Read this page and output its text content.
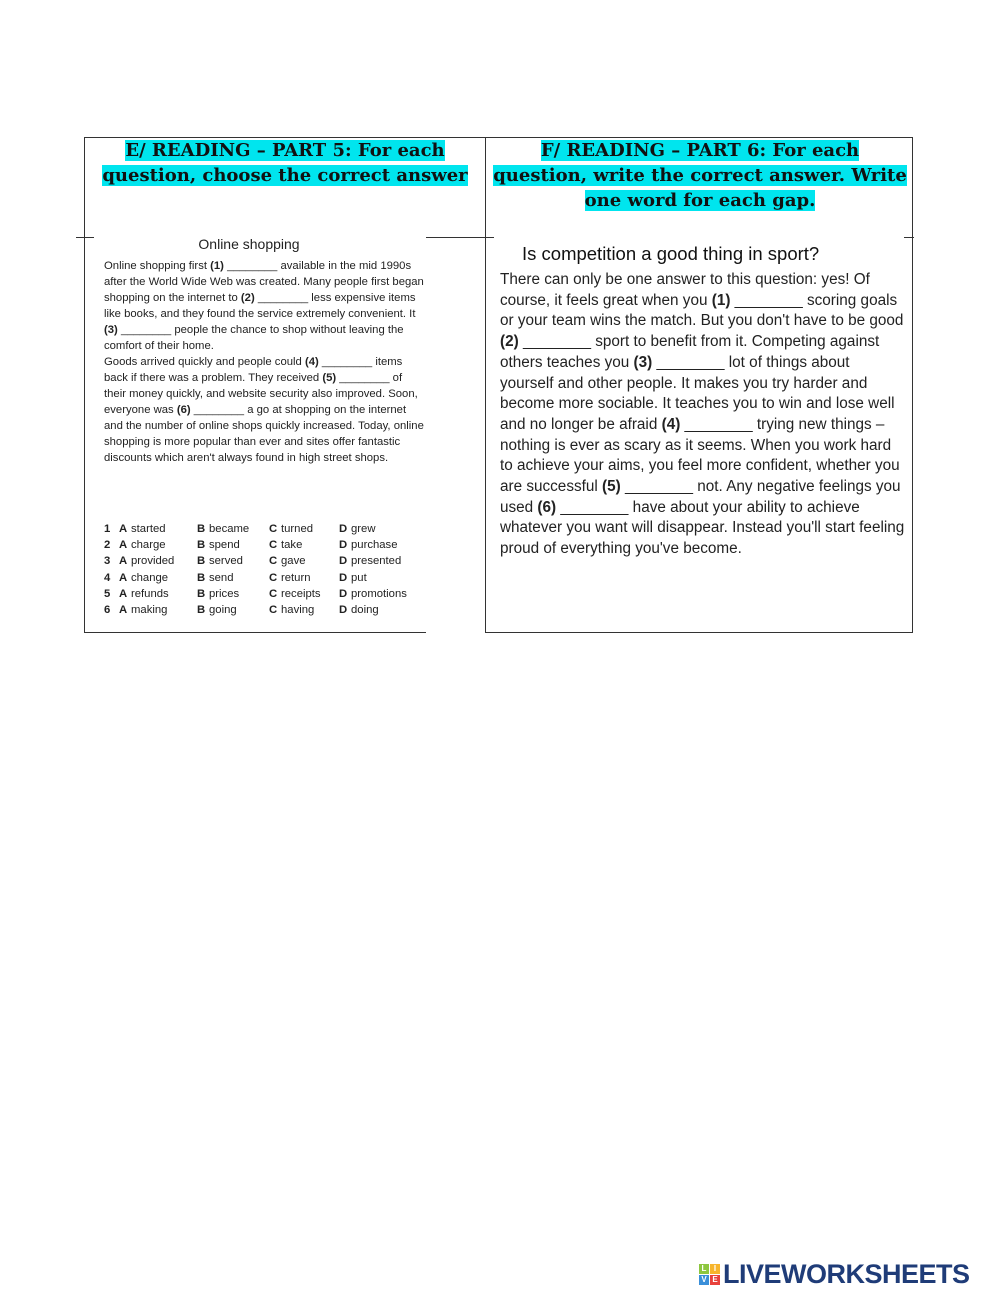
E/ READING – PART 5: For each question, choose the correct answer
F/ READING – PART 6: For each question, write the correct answer. Write one word for each gap.
Online shopping
Online shopping first (1) ________ available in the mid 1990s after the World Wide Web was created. Many people first began shopping on the internet to (2) ________ less expensive items like books, and they found the service extremely convenient. It (3) ________ people the chance to shop without leaving the comfort of their home.
Goods arrived quickly and people could (4) ________ items back if there was a problem. They received (5) ________ of their money quickly, and website security also improved. Soon, everyone was (6) ________ a go at shopping on the internet and the number of online shops quickly increased. Today, online shopping is more popular than ever and sites offer fantastic discounts which aren't always found in high street shops.
1 A started	B became	C turned	D grew
2 A charge	B spend	C take	D purchase
3 A provided	B served	C gave	D presented
4 A change	B send	C return	D put
5 A refunds	B prices	C receipts	D promotions
6 A making	B going	C having	D doing
Is competition a good thing in sport?
There can only be one answer to this question: yes! Of course, it feels great when you (1) ________ scoring goals or your team wins the match. But you don't have to be good (2) ________ sport to benefit from it. Competing against others teaches you (3) ________ lot of things about yourself and other people. It makes you try harder and become more sociable. It teaches you to win and lose well and no longer be afraid (4) ________ trying new things – nothing is ever as scary as it seems. When you work hard to achieve your aims, you feel more confident, whether you are successful (5) ________ not. Any negative feelings you used (6) ________ have about your ability to achieve whatever you want will disappear. Instead you'll start feeling proud of everything you've become.
L I
V E LIVEWORKSHEETS
